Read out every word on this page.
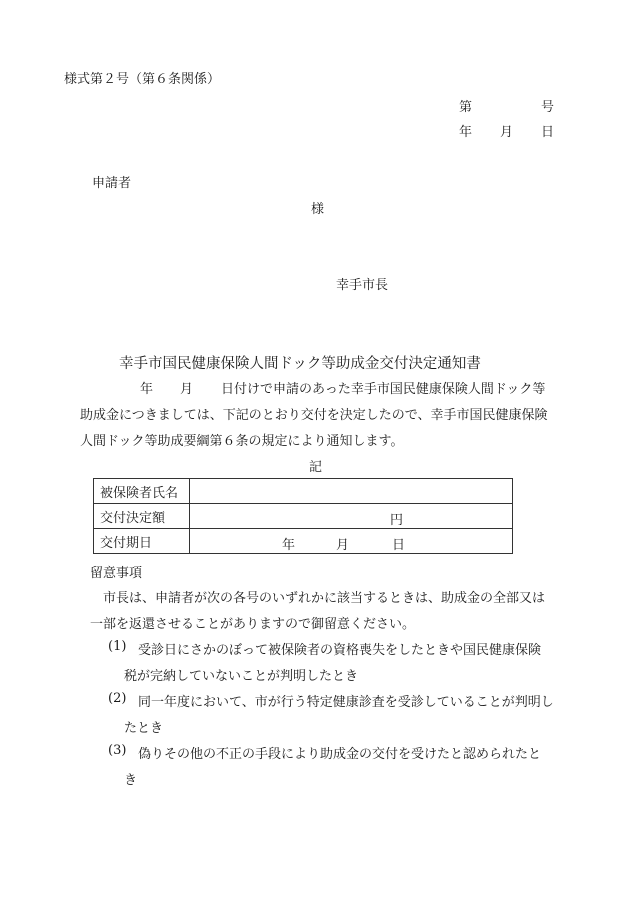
様式第２号（第６条関係）
第	号
年 月 日
申請者
様
幸手市長
幸手市国民健康保険人間ドック等助成金交付決定通知書
年 月 日付けで申請のあった幸手市国民健康保険人間ドック等
助成金につきましては、下記のとおり交付を決定したので、幸手市国民健康保険
人間ドック等助成要綱第６条の規定により通知します。
記
被保険者氏名	
交付決定額	円

交付期日	年 月 日
留意事項
市長は、申請者が次の各号のいずれかに該当するときは、助成金の全部又は
一部を返還させることがありますので御留意ください。
(1) 受診日にさかのぼって被保険者の資格喪失をしたときや国民健康保険
税が完納していないことが判明したとき
(2) 同一年度において、市が行う特定健康診査を受診していることが判明し
たとき
(3) 偽りその他の不正の手段により助成金の交付を受けたと認められたと
き
